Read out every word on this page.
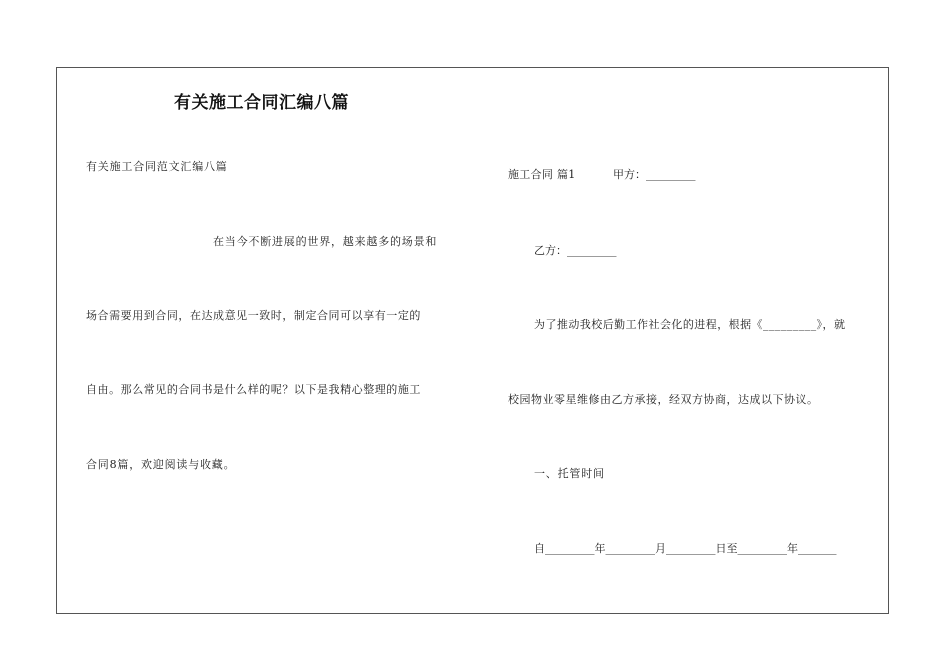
有关施工合同汇编八篇
有关施工合同范文汇编八篇
在当今不断进展的世界，越来越多的场景和
场合需要用到合同，在达成意见一致时，制定合同可以享有一定的
自由。那么常见的合同书是什么样的呢？以下是我精心整理的施工
合同8篇，欢迎阅读与收藏。
施工合同 篇1	甲方：_________
乙方：_________
为了推动我校后勤工作社会化的进程，根据《_________》，就
校园物业零星维修由乙方承接，经双方协商，达成以下协议。
一、托管时间
自_________年_________月_________日至_________年_______
